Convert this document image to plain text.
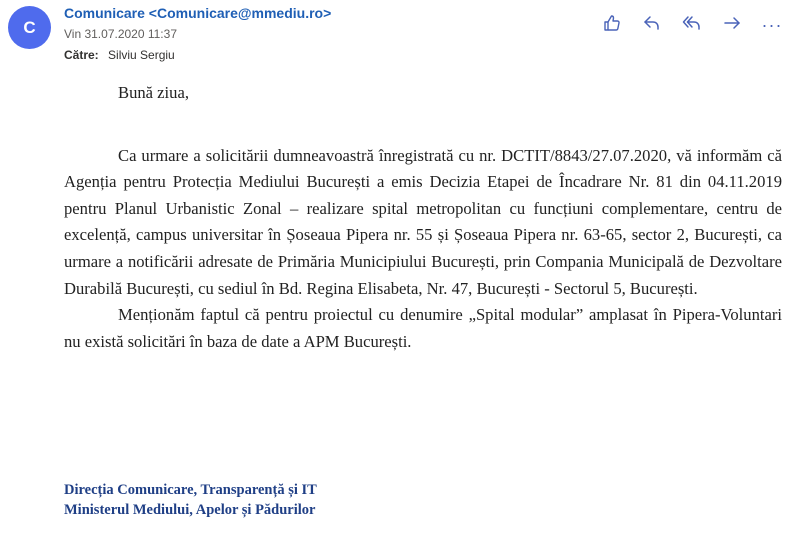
C
Comunicare <Comunicare@mmediu.ro>
Vin 31.07.2020 11:37
Către: Silviu Sergiu
···

Bună ziua,

Ca urmare a solicitării dumneavoastră înregistrată cu nr. DCTIT/8843/27.07.2020, vă informăm că Agenția pentru Protecția Mediului București a emis Decizia Etapei de Încadrare Nr. 81 din 04.11.2019 pentru Planul Urbanistic Zonal – realizare spital metropolitan cu funcțiuni complementare, centru de excelență, campus universitar în Șoseaua Pipera nr. 55 și Șoseaua Pipera nr. 63-65, sector 2, București, ca urmare a notificării adresate de Primăria Municipiului București, prin Compania Municipală de Dezvoltare Durabilă București, cu sediul în Bd. Regina Elisabeta, Nr. 47, București - Sectorul 5, București.

Menționăm faptul că pentru proiectul cu denumire „Spital modular” amplasat în Pipera-Voluntari nu există solicitări în baza de date a APM București.

Direcția Comunicare, Transparență și IT
Ministerul Mediului, Apelor și Pădurilor
